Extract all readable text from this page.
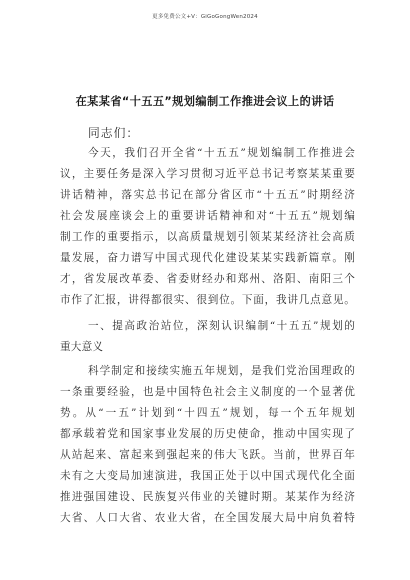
更多免费公文+V：GiGoGongWen2024
在某某省“十五五”规划编制工作推进会议上的讲话
同志们：
今天，我们召开全省“十五五”规划编制工作推进会
议，主要任务是深入学习贯彻习近平总书记考察某某重要
讲话精神，落实总书记在部分省区市“十五五”时期经济
社会发展座谈会上的重要讲话精神和对“十五五”规划编
制工作的重要指示，以高质量规划引领某某经济社会高质
量发展，奋力谱写中国式现代化建设某某实践新篇章。刚
才，省发展改革委、省委财经办和郑州、洛阳、南阳三个
市作了汇报，讲得都很实、很到位。下面，我讲几点意见。
一、提高政治站位，深刻认识编制“十五五”规划的
重大意义
科学制定和接续实施五年规划，是我们党治国理政的
一条重要经验，也是中国特色社会主义制度的一个显著优
势。从“一五”计划到“十四五”规划，每一个五年规划
都承载着党和国家事业发展的历史使命，推动中国实现了
从站起来、富起来到强起来的伟大飞跃。当前，世界百年
未有之大变局加速演进，我国正处于以中国式现代化全面
推进强国建设、民族复兴伟业的关键时期。某某作为经济
大省、人口大省、农业大省，在全国发展大局中肩负着特
